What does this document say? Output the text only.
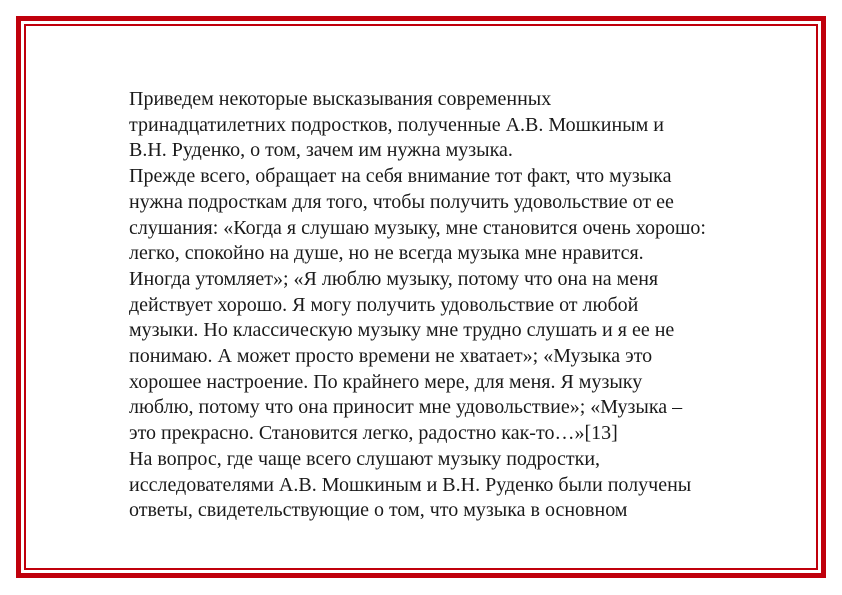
Приведем некоторые высказывания современных
тринадцатилетних подростков, полученные А.В. Мошкиным и
В.Н. Руденко, о том, зачем им нужна музыка.
Прежде всего, обращает на себя внимание тот факт, что музыка
нужна подросткам для того, чтобы получить удовольствие от ее
слушания: «Когда я слушаю музыку, мне становится очень хорошо:
легко, спокойно на душе, но не всегда музыка мне нравится.
Иногда утомляет»; «Я люблю музыку, потому что она на меня
действует хорошо. Я могу получить удовольствие от любой
музыки. Но классическую музыку мне трудно слушать и я ее не
понимаю. А может просто времени не хватает»; «Музыка это
хорошее настроение. По крайнего мере, для меня. Я музыку
люблю, потому что она приносит мне удовольствие»; «Музыка –
это прекрасно. Становится легко, радостно как-то…»[13]
На вопрос, где чаще всего слушают музыку подростки,
исследователями А.В. Мошкиным и В.Н. Руденко были получены
ответы, свидетельствующие о том, что музыка в основном
